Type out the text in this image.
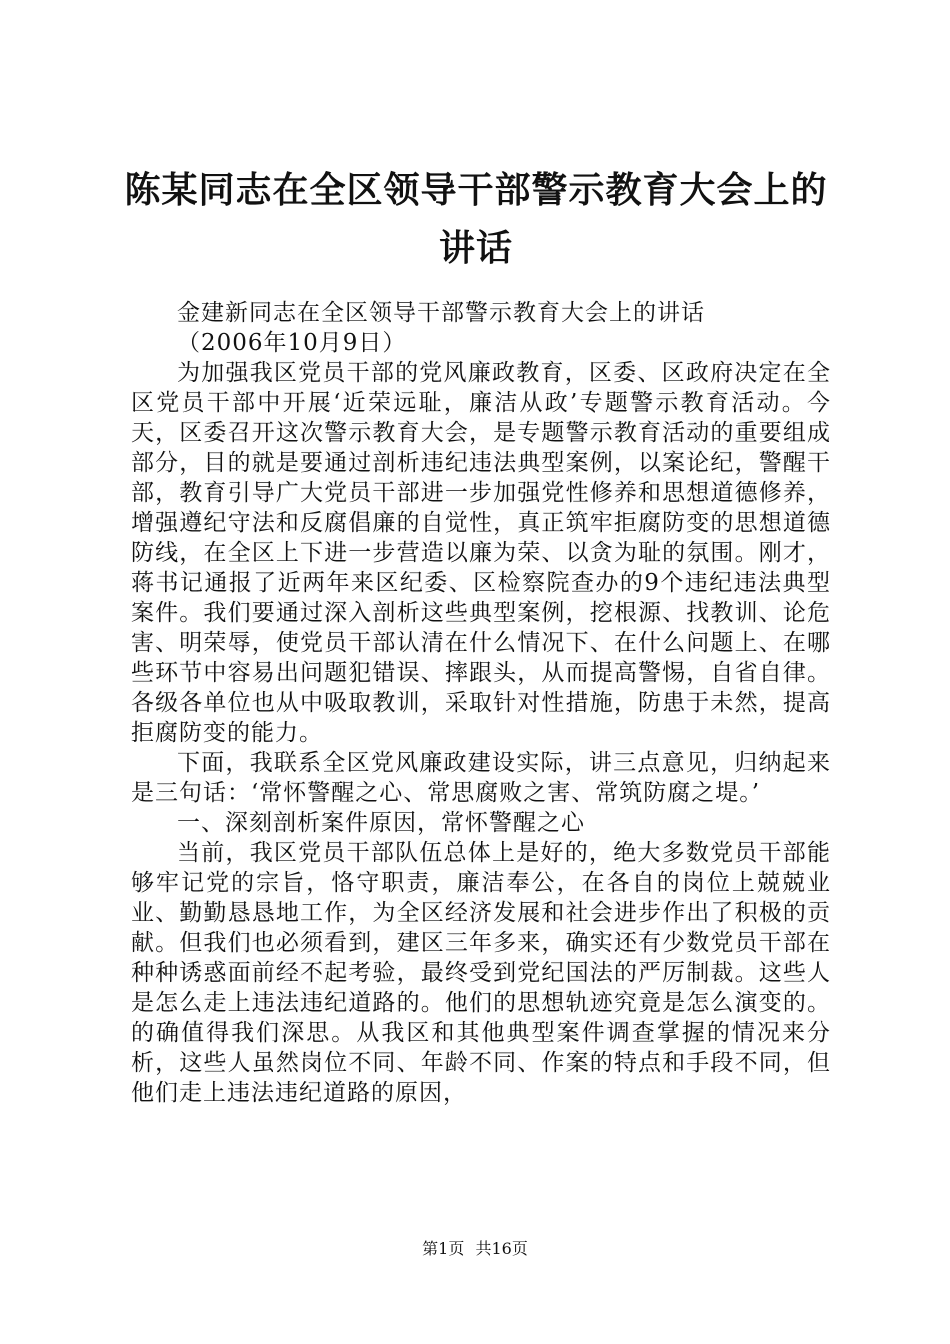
陈某同志在全区领导干部警示教育大会上的讲话

金建新同志在全区领导干部警示教育大会上的讲话

（2006年10月9日）

为加强我区党员干部的党风廉政教育，区委、区政府决定在全区党员干部中开展‘近荣远耻，廉洁从政’专题警示教育活动。今天，区委召开这次警示教育大会，是专题警示教育活动的重要组成部分，目的就是要通过剖析违纪违法典型案例，以案论纪，警醒干部，教育引导广大党员干部进一步加强党性修养和思想道德修养，增强遵纪守法和反腐倡廉的自觉性，真正筑牢拒腐防变的思想道德防线，在全区上下进一步营造以廉为荣、以贪为耻的氛围。刚才，蒋书记通报了近两年来区纪委、区检察院查办的9个违纪违法典型案件。我们要通过深入剖析这些典型案例，挖根源、找教训、论危害、明荣辱，使党员干部认清在什么情况下、在什么问题上、在哪些环节中容易出问题犯错误、摔跟头，从而提高警惕，自省自律。各级各单位也从中吸取教训，采取针对性措施，防患于未然，提高拒腐防变的能力。

下面，我联系全区党风廉政建设实际，讲三点意见，归纳起来是三句话：‘常怀警醒之心、常思腐败之害、常筑防腐之堤。’

一、深刻剖析案件原因，常怀警醒之心

当前，我区党员干部队伍总体上是好的，绝大多数党员干部能够牢记党的宗旨，恪守职责，廉洁奉公，在各自的岗位上兢兢业业、勤勤恳恳地工作，为全区经济发展和社会进步作出了积极的贡献。但我们也必须看到，建区三年多来，确实还有少数党员干部在种种诱惑面前经不起考验，最终受到党纪国法的严厉制裁。这些人是怎么走上违法违纪道路的。他们的思想轨迹究竟是怎么演变的。的确值得我们深思。从我区和其他典型案件调查掌握的情况来分析，这些人虽然岗位不同、年龄不同、作案的特点和手段不同，但他们走上违法违纪道路的原因，

第1页 共16页
